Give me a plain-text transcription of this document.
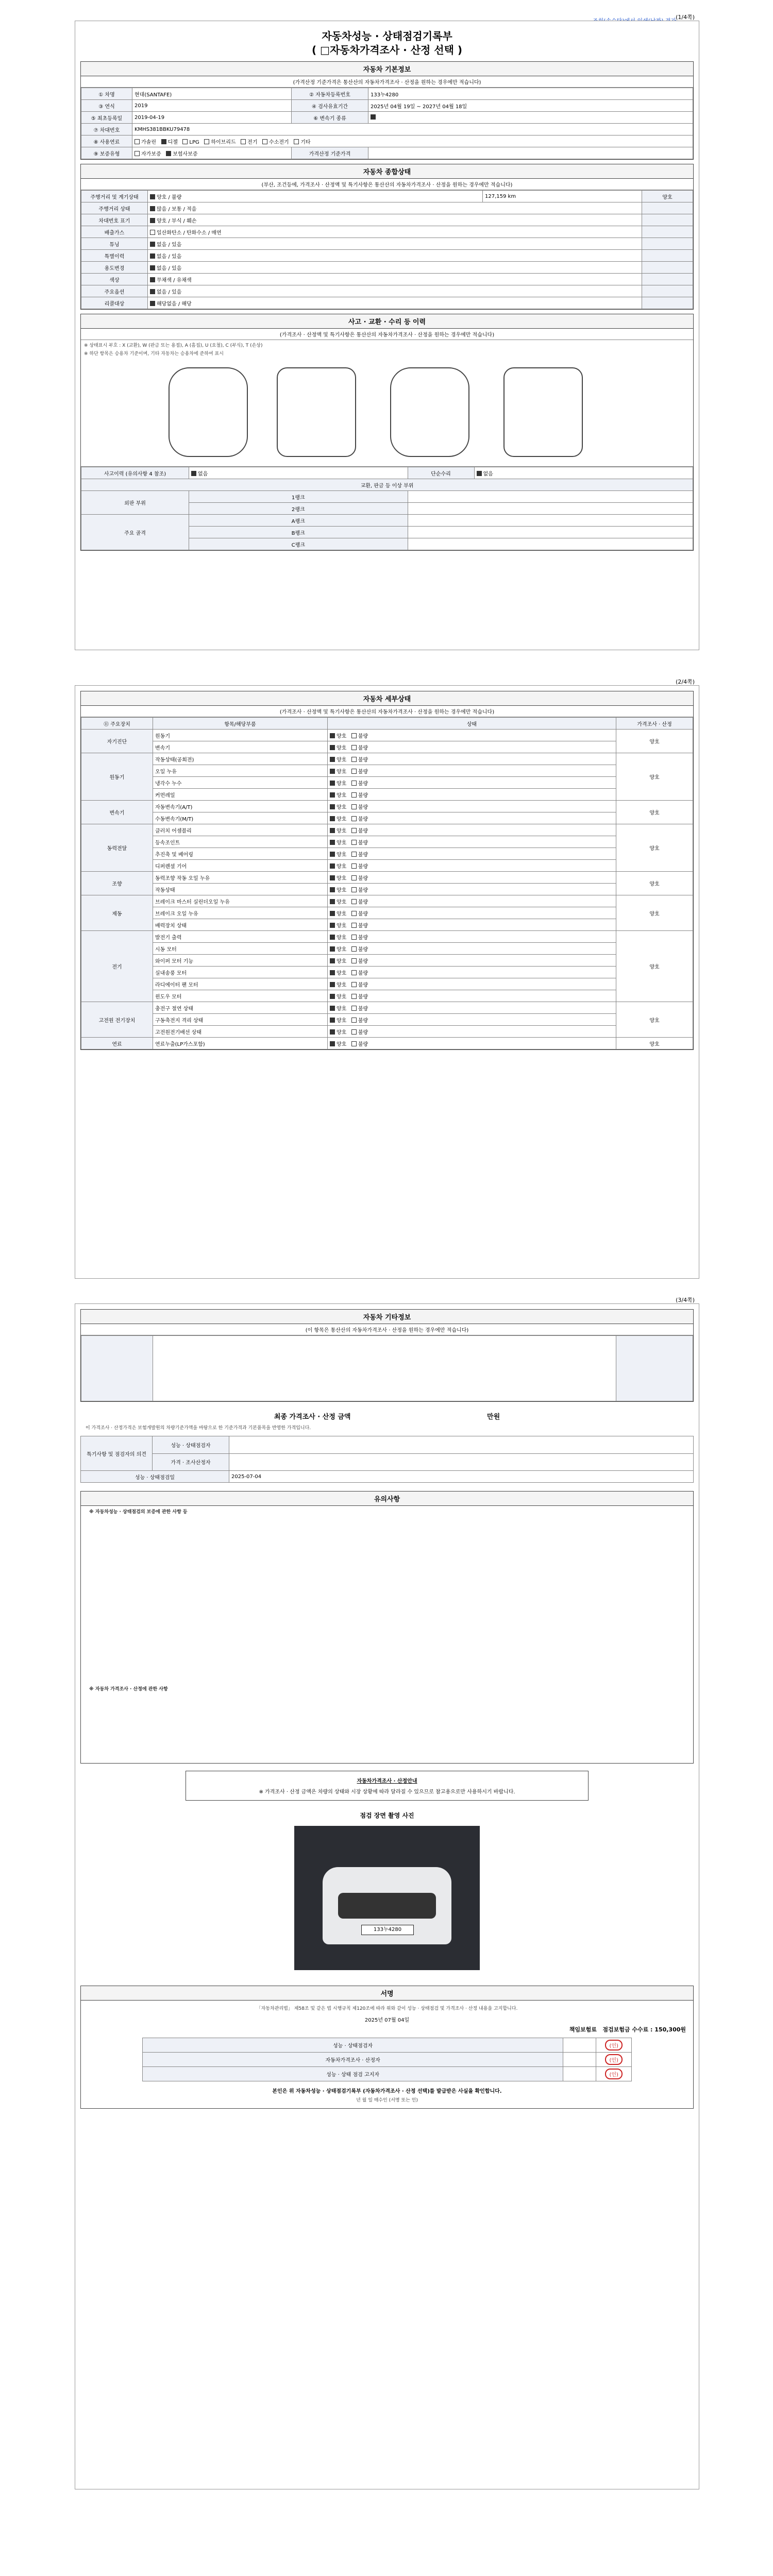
(1/4쪽)
자동차성능 · 상태점검기록부
( □자동차가격조사 · 산정 선택 )
자동차 기본정보
(가격산정 기준가격은 통산산의 자동차가격조사 · 산정을 원하는 경우에만 적습니다)
① 차명	현대(SANTAFE)	② 자동차등록번호	133누4280
③ 연식	2019	④ 검사유효기간	2025년 04월 19일 ~ 2027년 04월 18일
⑤ 최초등록일	2019-04-19	⑥ 변속기 종류	
⑦ 차대번호	KMHS381BBKU79478		
⑧ 사용연료	가솔린 디젤 LPG 하이브리드 전기 수소전기 기타		
⑨ 보증유형	자가보증 보험사보증	가격산정 기준가격	
자동차 종합상태
(부산, 조건등에, 가격조사 · 산정액 및 특기사항은 통산산의 자동차가격조사 · 산정을 원하는 경우에만 적습니다)
주행거리 및 계기상태	양호 / 불량	127,159 km	양호
주행거리 상태	많음 / 보통 / 적음		
차대번호 표기	양호 / 부식 / 훼손		
배출가스	일산화탄소 / 탄화수소 / 매연		
튜닝	없음 / 있음		
특별이력	없음 / 있음		
용도변경	없음 / 있음		
색상	무채색 / 유채색		
주요옵션	없음 / 있음		
리콜대상	해당없음 / 해당		
사고 · 교환 · 수리 등 이력
(가격조사 · 산정액 및 특기사항은 통산산의 자동차가격조사 · 산정을 원하는 경우에만 적습니다)
※ 상태표시 부호 : X (교환), W (판금 또는 용접), A (흠집), U (요철), C (부식), T (손상)
※ 하단 항목은 승용차 기준이며, 기타 자동차는 승용차에 준하여 표시
사고이력 (유의사항 4 참조)	없음	단순수리	없음
교환, 판금 등 이상 부위			
외판 부위	1랭크		
	2랭크		
주요 골격	A랭크		
	B랭크		
	C랭크		
(2/4쪽)
자동차 세부상태
(가격조사 · 산정액 및 특기사항은 통산산의 자동차가격조사 · 산정을 원하는 경우에만 적습니다)
⑪ 주요장치	항목/해당부품	상태	가격조사 · 산정
자기진단	원동기	양호 불량	양호
	변속기	양호 불량	
원동기	작동상태(공회전)	양호 불량	양호
	오일 누유	양호 불량	
	냉각수 누수	양호 불량	
	커먼레일	양호 불량	
변속기	자동변속기(A/T)	양호 불량	양호
	수동변속기(M/T)	양호 불량	
동력전달	클러치 어셈블리	양호 불량	양호
	등속조인트	양호 불량	
	추진축 및 베어링	양호 불량	
	디퍼렌셜 기어	양호 불량	
조향	동력조향 작동 오일 누유	양호 불량	양호
	작동상태	양호 불량	
제동	브레이크 마스터 실린더오일 누유	양호 불량	양호
	브레이크 오일 누유	양호 불량	
	배력장치 상태	양호 불량	
전기	발전기 출력	양호 불량	양호
	시동 모터	양호 불량	
	와이퍼 모터 기능	양호 불량	
	실내송풍 모터	양호 불량	
	라디에이터 팬 모터	양호 불량	
	윈도우 모터	양호 불량	
고전원 전기장치	충전구 절연 상태	양호 불량	양호
	구동축전지 격리 상태	양호 불량	
	고전원전기배선 상태	양호 불량	
연료	연료누출(LP가스포함)	양호 불량	양호
(3/4쪽)
자동차 기타정보
(이 항목은 통산산의 자동차가격조사 · 산정을 원하는 경우에만 적습니다)

최종 가격조사 · 산정 금액	만원
이 가격조사 · 산정가격은 보험개발원의 차량기준가액을 바탕으로 한 기준가격과 기본품목을 반영한 가격입니다.
특기사항 및 점검자의 의견	성능 · 상태점검자	
	가격 · 조사산정자	
성능 · 상태점검일		2025-07-04
유의사항
※ 자동차성능 · 상태점검의 보증에 관한 사항 등
※ 자동차 가격조사 · 산정에 관한 사항
자동차가격조사 · 산정안내
※ 가격조사 · 산정 금액은 차량의 상태와 시장 상황에 따라 달라질 수 있으므로 참고용으로만 사용하시기 바랍니다.
점검 장면 촬영 사진
133누4280
서명
「자동차관리법」 제58조 및 같은 법 시행규칙 제120조에 따라 위와 같이 성능 · 상태점검 및 가격조사 · 산정 내용을 고지합니다.
2025년 07월 04일
책임보험료 점검보험금 수수료 : 150,300원
성능 · 상태점검자		(인)
자동차가격조사 · 산정자		(인)
성능 · 상태 점검 고지자		(인)
본인은 위 자동차성능 · 상태점검기록부 (자동차가격조사 · 산정 선택)를 발급받은 사실을 확인합니다.
년 월 일 매수인 (서명 또는 인)
